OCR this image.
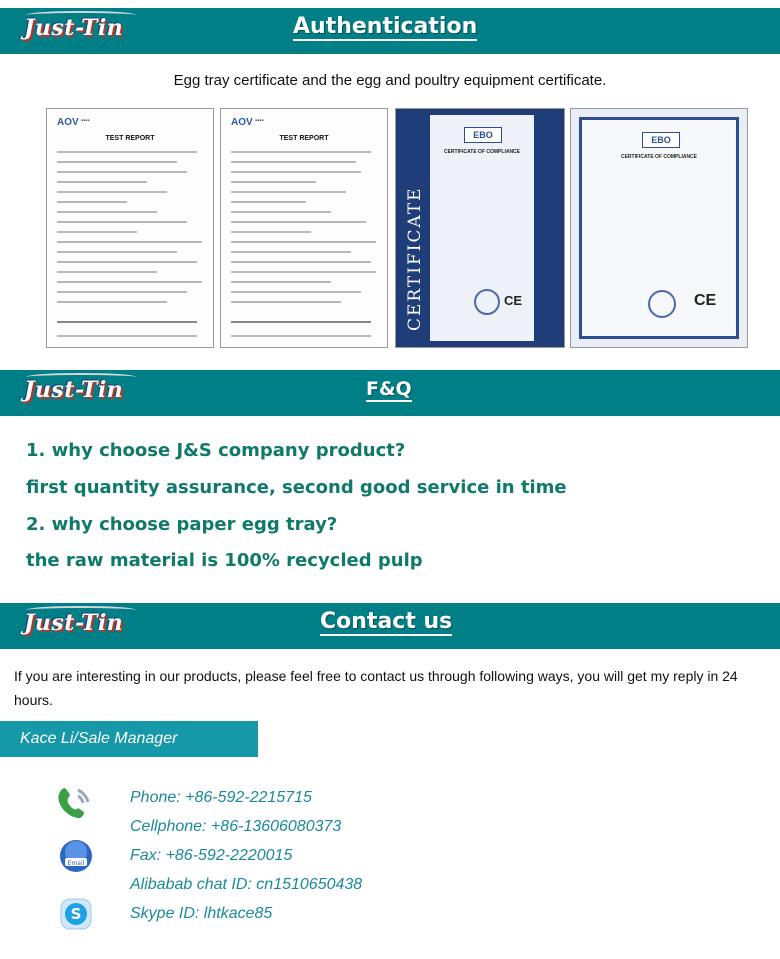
Just-Tin	Authentication
Egg tray certificate and the egg and poultry equipment certificate.
AOV ▪▪▪▪
TEST REPORT
AOV ▪▪▪▪
TEST REPORT
CERTIFICATE
EBO
CERTIFICATE OF COMPLIANCE
CE
EBO
CERTIFICATE OF COMPLIANCE
CE
Just-Tin	F&Q
1. why choose J&S company product?
first quantity assurance, second good service in time
2. why choose paper egg tray?
the raw material is 100% recycled pulp
Just-Tin	Contact us
If you are interesting in our products, please feel free to contact us through following ways, you will get my reply in 24 hours.
Kace Li/Sale Manager
Email
S
Phone: +86-592-2215715
Cellphone: +86-13606080373
Fax: +86-592-2220015
Alibabab chat ID: cn1510650438
Skype ID: lhtkace85
